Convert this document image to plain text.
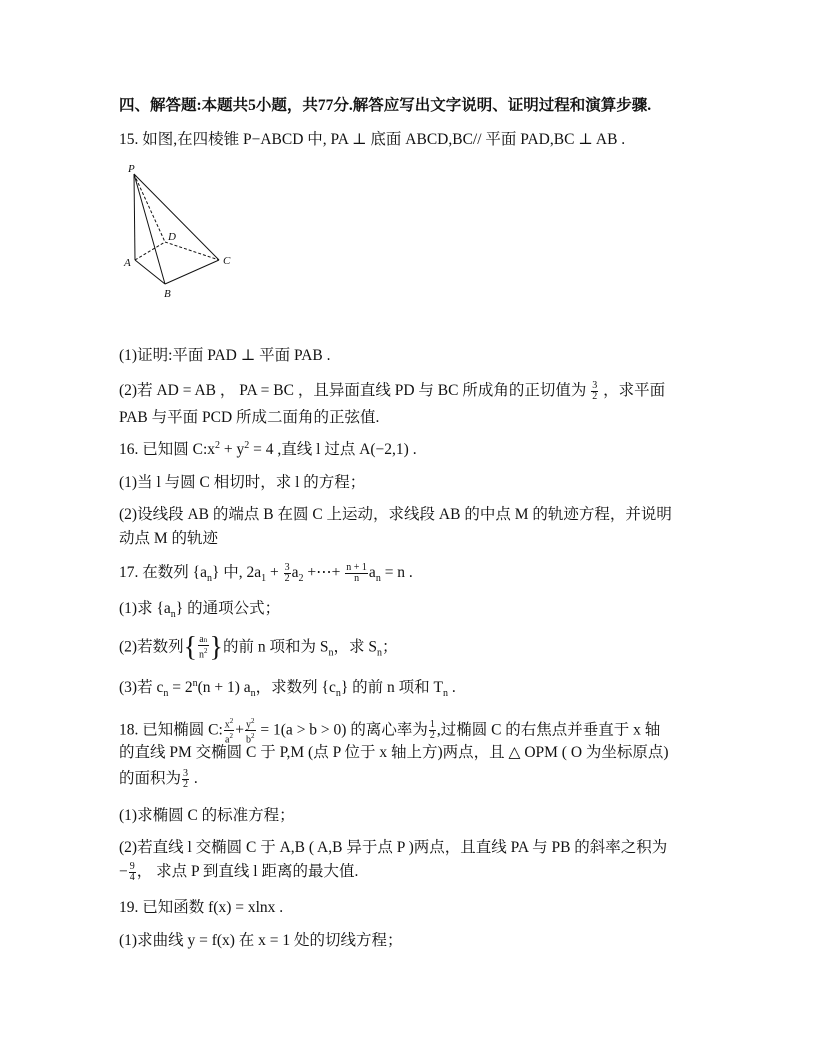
四、解答题:本题共5小题，共77分.解答应写出文字说明、证明过程和演算步骤.
15. 如图,在四棱锥 P−ABCD 中, PA ⊥ 底面 ABCD,BC// 平面 PAD,BC ⊥ AB .
P
D
A	C
B
(1)证明:平面 PAD ⊥ 平面 PAB .
(2)若 AD = AB ， PA = BC ，且异面直线 PD 与 BC 所成角的正切值为 $\frac{3}{2}$ ，求平面
PAB 与平面 PCD 所成二面角的正弦值.
16. 已知圆 $C:x^2 + y^2 = 4$ ,直线 l 过点 A(−2,1) .
(1)当 l 与圆 C 相切时，求 l 的方程；
(2)设线段 AB 的端点 B 在圆 C 上运动，求线段 AB 的中点 M 的轨迹方程，并说明
动点 M 的轨迹
17. 在数列 $\{a_n\}$ 中, $2a_1 + \frac{3}{2} a_2$ +⋯+ $\frac{n + 1}{n} a_n = n$ .
(1)求 $\{a_n\}$ 的通项公式；
(2)若数列{ $\frac{an}{n^2}$ }的前 n 项和为 $S_n$，求 $S_n$；
(3)若 $c_n = 2^n(n + 1)$ $a_n$，求数列 $\{c_n\}$ 的前 n 项和 $T_n$ .
18. 已知椭圆 C: $\frac{x^2}{a^2} + \frac{y^2}{b^2} = 1(a > b > 0)$ 的离心率为 $\frac{1}{2}$ ,过椭圆 C 的右焦点并垂直于 x 轴
的直线 PM 交椭圆 C 于 P,M (点 P 位于 x 轴上方)两点，且 △ OPM ( O 为坐标原点)
的面积为 $\frac{3}{2}$ .
(1)求椭圆 C 的标准方程；
(2)若直线 l 交椭圆 C 于 A,B ( A,B 异于点 P )两点，且直线 PA 与 PB 的斜率之积为
− $\frac{9}{4}$ ， 求点 P 到直线 l 距离的最大值.
19. 已知函数 f(x) = xlnx .
(1)求曲线 y = f(x) 在 x = 1 处的切线方程；
